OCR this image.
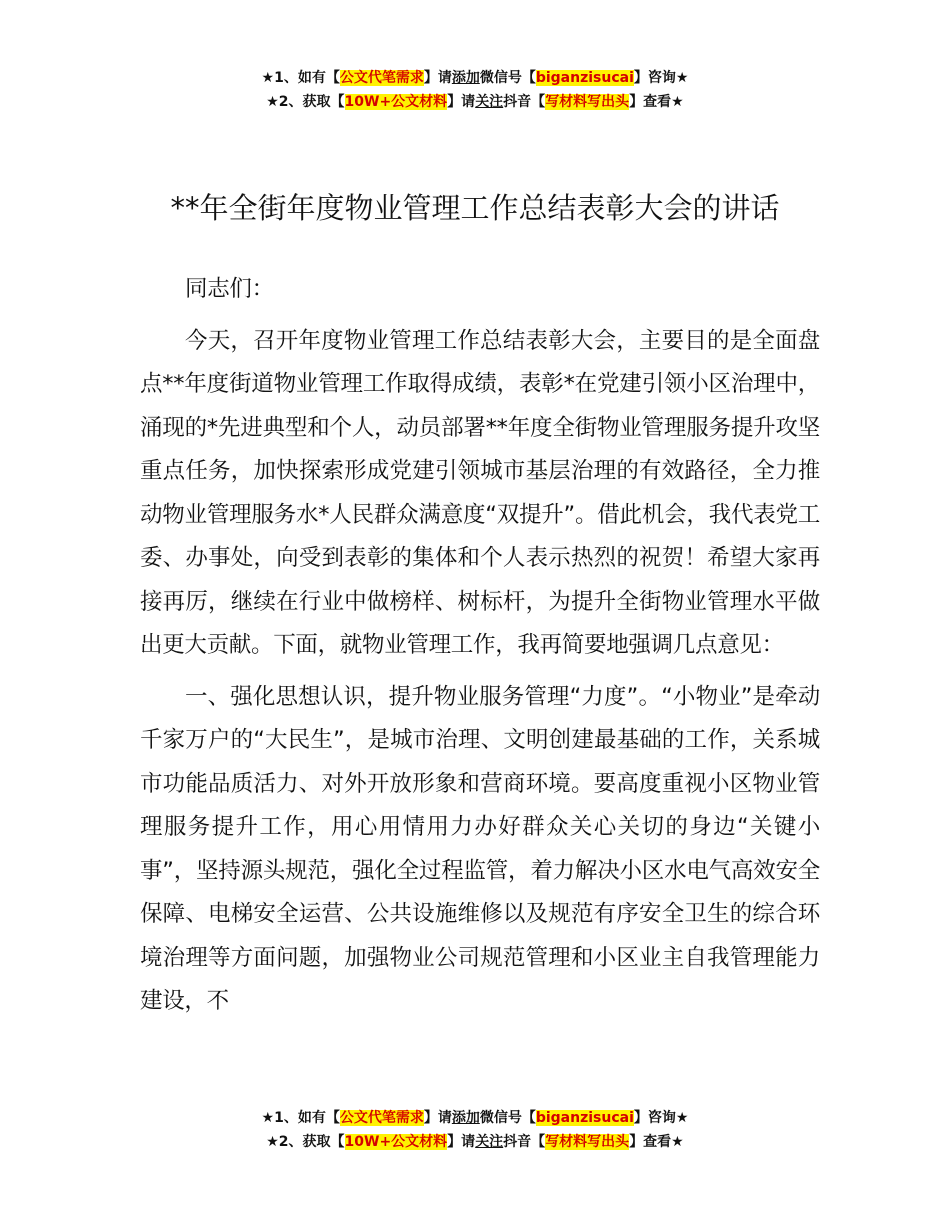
★1、如有【公文代笔需求】请添加微信号【biganzisucai】咨询★
★2、获取【10W+公文材料】请关注抖音【写材料写出头】查看★
**年全街年度物业管理工作总结表彰大会的讲话

同志们：

今天，召开年度物业管理工作总结表彰大会，主要目的是全面盘点**年度街道物业管理工作取得成绩，表彰*在党建引领小区治理中，涌现的*先进典型和个人，动员部署**年度全街物业管理服务提升攻坚重点任务，加快探索形成党建引领城市基层治理的有效路径，全力推动物业管理服务水*人民群众满意度“双提升”。借此机会，我代表党工委、办事处，向受到表彰的集体和个人表示热烈的祝贺！希望大家再接再厉，继续在行业中做榜样、树标杆，为提升全街物业管理水平做出更大贡献。下面，就物业管理工作，我再简要地强调几点意见：

一、强化思想认识，提升物业服务管理“力度”。“小物业”是牵动千家万户的“大民生”，是城市治理、文明创建最基础的工作，关系城市功能品质活力、对外开放形象和营商环境。要高度重视小区物业管理服务提升工作，用心用情用力办好群众关心关切的身边“关键小事”，坚持源头规范，强化全过程监管，着力解决小区水电气高效安全保障、电梯安全运营、公共设施维修以及规范有序安全卫生的综合环境治理等方面问题，加强物业公司规范管理和小区业主自我管理能力建设，不

★1、如有【公文代笔需求】请添加微信号【biganzisucai】咨询★
★2、获取【10W+公文材料】请关注抖音【写材料写出头】查看★
